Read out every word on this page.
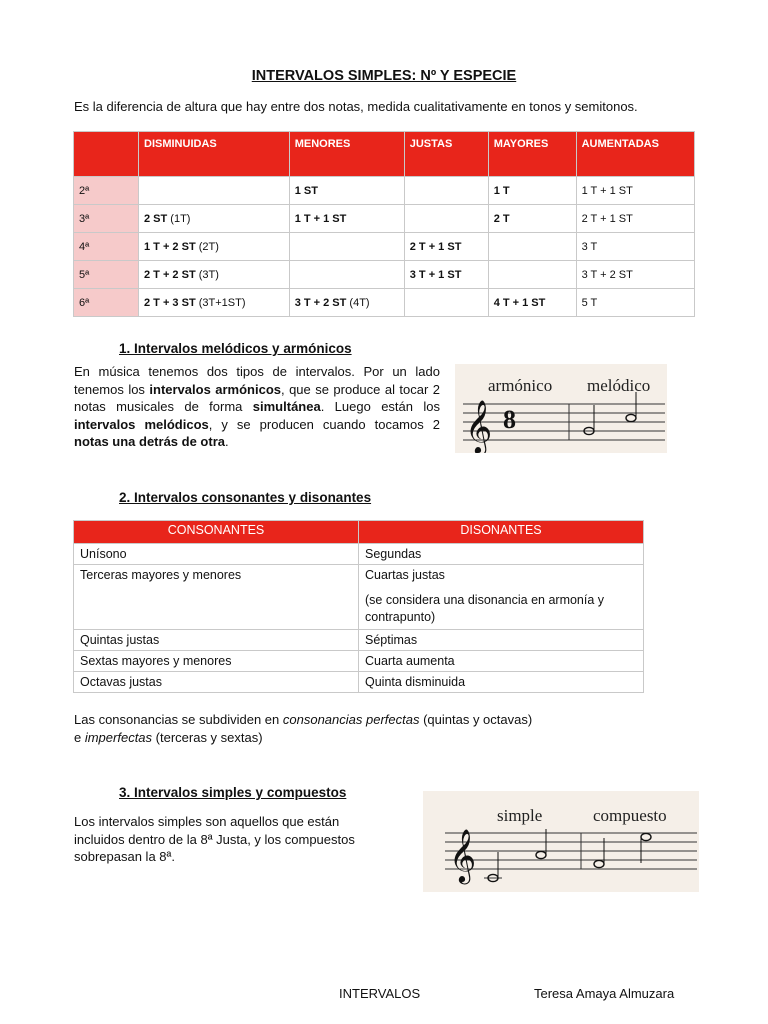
INTERVALOS SIMPLES: Nº Y ESPECIE
Es la diferencia de altura que hay entre dos notas, medida cualitativamente en tonos y semitonos.
	DISMINUIDAS	MENORES	JUSTAS	MAYORES	AUMENTADAS
2ª		1 ST		1 T	1 T + 1 ST
3ª	2 ST (1T)	1 T + 1 ST		2 T	2 T + 1 ST
4ª	1 T + 2 ST (2T)		2 T + 1 ST		3 T
5ª	2 T + 2 ST (3T)		3 T + 1 ST		3 T + 2 ST
6ª	2 T + 3 ST (3T+1ST)	3 T + 2 ST (4T)		4 T + 1 ST	5 T
1. Intervalos melódicos y armónicos
En música tenemos dos tipos de intervalos. Por un lado tenemos los intervalos armónicos, que se produce al tocar 2 notas musicales de forma simultánea. Luego están los intervalos melódicos, y se producen cuando tocamos 2 notas una detrás de otra.
armónico melódico
𝄞 8
2. Intervalos consonantes y disonantes
CONSONANTES	DISONANTES
Unísono	Segundas
Terceras mayores y menores	Cuartas justas
(se considera una disonancia en armonía y contrapunto)

Quintas justas	Séptimas
Sextas mayores y menores	Cuarta aumenta
Octavas justas	Quinta disminuida
Las consonancias se subdividen en consonancias perfectas (quintas y octavas)
e imperfectas (terceras y sextas)
3. Intervalos simples y compuestos
Los intervalos simples son aquellos que están incluidos dentro de la 8ª Justa, y los compuestos sobrepasan la 8ª.
simple	compuesto
𝄞
INTERVALOS	Teresa Amaya Almuzara
